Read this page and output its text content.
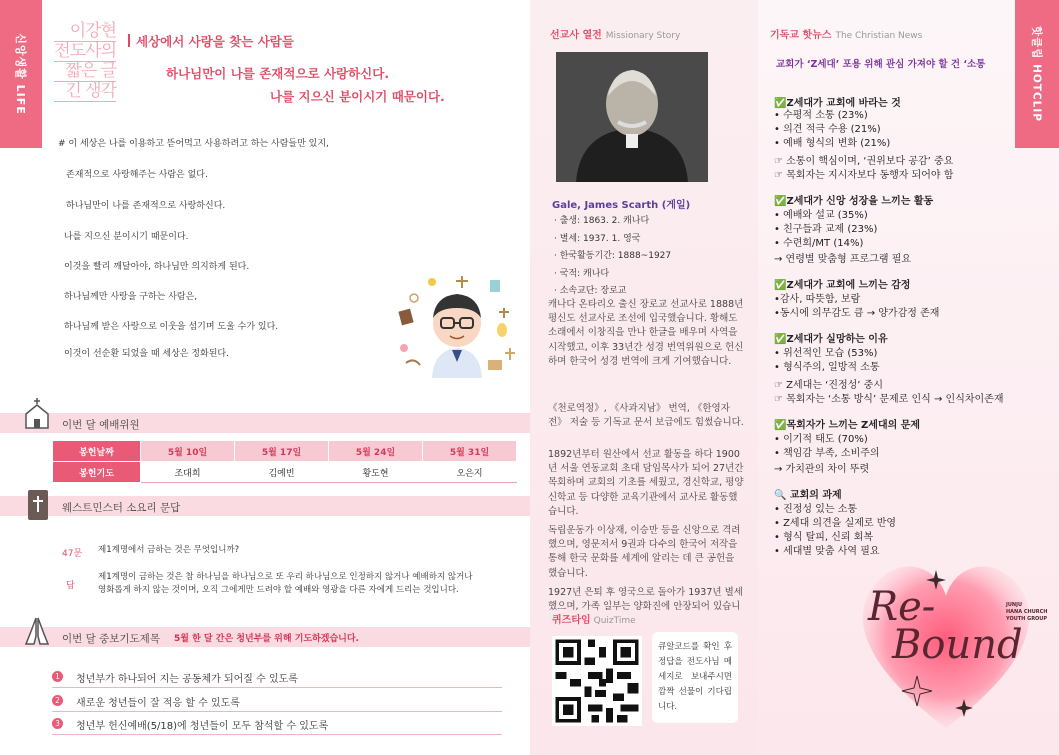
신앙생활 LIFE
이강현
전도사의
짧은 글
긴 생각
세상에서 사랑을 찾는 사람들
하나님만이 나를 존재적으로 사랑하신다.
나를 지으신 분이시기 때문이다.

# 이 세상은 나를 이용하고 뜯어먹고 사용하려고 하는 사람들만 있지,

존재적으로 사랑해주는 사람은 없다.

하나님만이 나를 존재적으로 사랑하신다.

나를 지으신 분이시기 때문이다.

이것을 빨리 깨달아야, 하나님만 의지하게 된다.

하나님께만 사랑을 구하는 사람은,

하나님께 받은 사랑으로 이웃을 섬기며 도울 수가 있다.

이것이 선순환 되었을 때 세상은 정화된다.

이번 달 예배위원
봉헌날짜	5월 10일	5월 17일	5월 24일	5월 31일
봉헌기도	조대희	김예빈	황도현	오은지
웨스트민스터 소요리 문답
47문 제1계명에서 금하는 것은 무엇입니까?
답
제1계명이 금하는 것은 참 하나님을 하나님으로 또 우리 하나님으로 인정하지 않거나 예배하지 않거나
영화롭게 하지 않는 것이며, 오직 그에게만 드려야 할 예배와 영광을 다른 자에게 드리는 것입니다.
이번 달 중보기도제목 5월 한 달 간은 청년부를 위해 기도하겠습니다.
1	청년부가 하나되어 지는 공동체가 되어질 수 있도록
2	새로운 청년들이 잘 적응 할 수 있도록
3	청년부 헌신예배(5/18)에 청년들이 모두 참석할 수 있도록
선교사 열전 Missionary Story
Gale, James Scarth (게일)
· 출생: 1863. 2. 캐나다
· 별세: 1937. 1. 영국
· 한국활동기간: 1888~1927
· 국적: 캐나다
· 소속교단: 장로교
캐나다 온타리오 출신 장로교 선교사로 1888년 평신도 선교사로 조선에 입국했습니다. 황해도 소래에서 이창직을 만나 한글을 배우며 사역을 시작했고, 이후 33년간 성경 번역위원으로 헌신하며 한국어 성경 번역에 크게 기여했습니다.
《천로역정》, 《사과지남》 번역, 《한영자전》 저술 등 기독교 문서 보급에도 힘썼습니다.
1892년부터 원산에서 선교 활동을 하다 1900년 서울 연동교회 초대 담임목사가 되어 27년간 목회하며 교회의 기초를 세웠고, 경신학교, 평양신학교 등 다양한 교육기관에서 교사로 활동했습니다.
독립운동가 이상재, 이승만 등을 신앙으로 격려했으며, 영문저서 9권과 다수의 한국어 저작을 통해 한국 문화를 세계에 알리는 데 큰 공헌을 했습니다.
1927년 은퇴 후 영국으로 돌아가 1937년 별세했으며, 가족 일부는 양화진에 안장되어 있습니
퀴즈타임 QuizTime
큐알코드를 확인 후 정답을 전도사님 메세지로 보내주시면 깜짝 선물이 기다립니다.
기독교 핫뉴스 The Christian News	핫클립 HOTCLIP
교회가 ‘Z세대’ 포용 위해 관심 가져야 할 건 ‘소통
✅Z세대가 교회에 바라는 것
• 수평적 소통 (23%)
• 의견 적극 수용 (21%)
• 예배 형식의 변화 (21%)
☞ 소통이 핵심이며, ‘권위보다 공감’ 중요
☞ 목회자는 지시자보다 동행자 되어야 함
✅Z세대가 신앙 성장을 느끼는 활동
• 예배와 설교 (35%)
• 친구들과 교제 (23%)
• 수련회/MT (14%)
→ 연령별 맞춤형 프로그램 필요
✅Z세대가 교회에 느끼는 감정
•감사, 따뜻함, 보람
•동시에 의무감도 큼 → 양가감정 존재
✅Z세대가 실망하는 이유
• 위선적인 모습 (53%)
• 형식주의, 일방적 소통
☞ Z세대는 ‘진정성’ 중시
☞ 목회자는 ‘소통 방식’ 문제로 인식 → 인식차이존재
✅목회자가 느끼는 Z세대의 문제
• 이기적 태도 (70%)
• 책임감 부족, 소비주의
→ 가치관의 차이 뚜렷
🔍 교회의 과제
• 진정성 있는 소통
• Z세대 의견을 실제로 반영
• 형식 탈피, 신뢰 회복
• 세대별 맞춤 사역 필요
Re-
Bound
JUNJU
HANA CHURCH
YOUTH GROUP
